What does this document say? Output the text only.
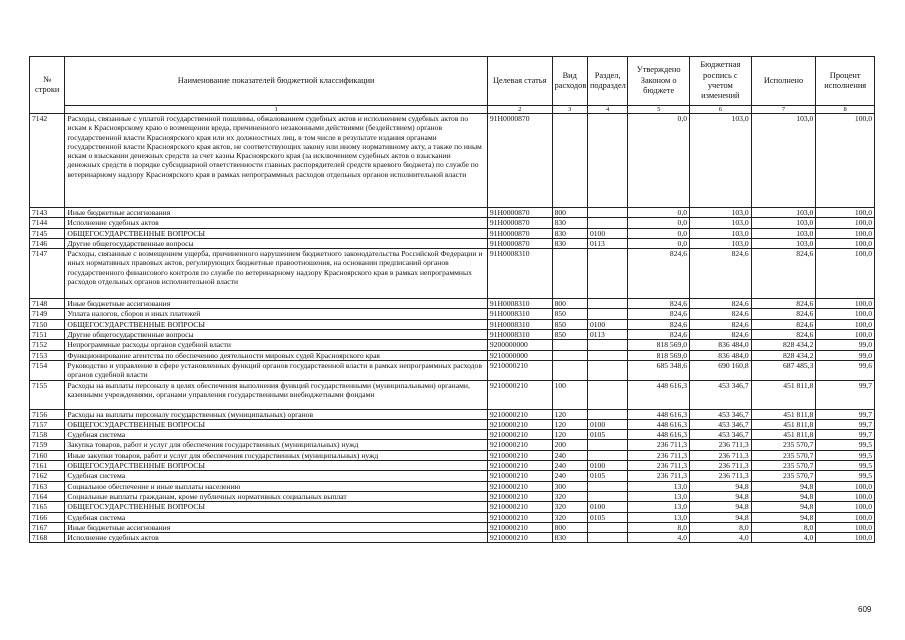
№ строки	Наименование показателей бюджетной классификации	Целевая статья	Вид расходов	Раздел, подраздел	Утверждено Законом о бюджете	Бюджетная роспись с учетом изменений	Исполнено	Процент исполнения
	1	2	3	4	5	6	7	8
7142	Расходы, связанные с уплатой государственной пошлины, обжалованием судебных актов и исполнением судебных актов по искам к Красноярскому краю о возмещении вреда, причиненного незаконными действиями (бездействием) органов государственной власти Красноярского края или их должностных лиц, в том числе в результате издания органами государственной власти Красноярского края актов, не соответствующих закону или иному нормативному акту, а также по иным искам о взыскании денежных средств за счет казны Красноярского края (за исключением судебных актов о взыскании денежных средств в порядке субсидиарной ответственности главных распорядителей средств краевого бюджета) по службе по ветеринарному надзору Красноярского края в рамках непрограммных расходов отдельных органов исполнительной власти	91Н0000870			0,0	103,0	103,0	100,0
7143	Иные бюджетные ассигнования	91Н0000870	800		0,0	103,0	103,0	100,0
7144	Исполнение судебных актов	91Н0000870	830		0,0	103,0	103,0	100,0
7145	ОБЩЕГОСУДАРСТВЕННЫЕ ВОПРОСЫ	91Н0000870	830	0100	0,0	103,0	103,0	100,0
7146	Другие общегосударственные вопросы	91Н0000870	830	0113	0,0	103,0	103,0	100,0
7147	Расходы, связанные с возмещением ущерба, причиненного нарушением бюджетного законодательства Российской Федерации и иных нормативных правовых актов, регулирующих бюджетные правоотношения, на основании предписаний органов государственного финансового контроля по службе по ветеринарному надзору Красноярского края в рамках непрограммных расходов отдельных органов исполнительной власти	91Н0008310			824,6	824,6	824,6	100,0
7148	Иные бюджетные ассигнования	91Н0008310	800		824,6	824,6	824,6	100,0
7149	Уплата налогов, сборов и иных платежей	91Н0008310	850		824,6	824,6	824,6	100,0
7150	ОБЩЕГОСУДАРСТВЕННЫЕ ВОПРОСЫ	91Н0008310	850	0100	824,6	824,6	824,6	100,0
7151	Другие общегосударственные вопросы	91Н0008310	850	0113	824,6	824,6	824,6	100,0
7152	Непрограммные расходы органов судебной власти	9200000000			818 569,0	836 484,0	828 434,2	99,0
7153	Функционирование агентства по обеспечению деятельности мировых судей Красноярского края	9210000000			818 569,0	836 484,0	828 434,2	99,0
7154	Руководство и управление в сфере установленных функций органов государственной власти в рамках непрограммных расходов органов судебной власти	9210000210			685 348,6	690 160,8	687 485,3	99,6
7155	Расходы на выплаты персоналу в целях обеспечения выполнения функций государственными (муниципальными) органами, казенными учреждениями, органами управления государственными внебюджетными фондами	9210000210	100		448 616,3	453 346,7	451 811,8	99,7
7156	Расходы на выплаты персоналу государственных (муниципальных) органов	9210000210	120		448 616,3	453 346,7	451 811,8	99,7
7157	ОБЩЕГОСУДАРСТВЕННЫЕ ВОПРОСЫ	9210000210	120	0100	448 616,3	453 346,7	451 811,8	99,7
7158	Судебная система	9210000210	120	0105	448 616,3	453 346,7	451 811,8	99,7
7159	Закупка товаров, работ и услуг для обеспечения государственных (муниципальных) нужд	9210000210	200		236 711,3	236 711,3	235 570,7	99,5
7160	Иные закупки товаров, работ и услуг для обеспечения государственных (муниципальных) нужд	9210000210	240		236 711,3	236 711,3	235 570,7	99,5
7161	ОБЩЕГОСУДАРСТВЕННЫЕ ВОПРОСЫ	9210000210	240	0100	236 711,3	236 711,3	235 570,7	99,5
7162	Судебная система	9210000210	240	0105	236 711,3	236 711,3	235 570,7	99,5
7163	Социальное обеспечение и иные выплаты населению	9210000210	300		13,0	94,8	94,8	100,0
7164	Социальные выплаты гражданам, кроме публичных нормативных социальных выплат	9210000210	320		13,0	94,8	94,8	100,0
7165	ОБЩЕГОСУДАРСТВЕННЫЕ ВОПРОСЫ	9210000210	320	0100	13,0	94,8	94,8	100,0
7166	Судебная система	9210000210	320	0105	13,0	94,8	94,8	100,0
7167	Иные бюджетные ассигнования	9210000210	800		8,0	8,0	8,0	100,0
7168	Исполнение судебных актов	9210000210	830		4,0	4,0	4,0	100,0
609
